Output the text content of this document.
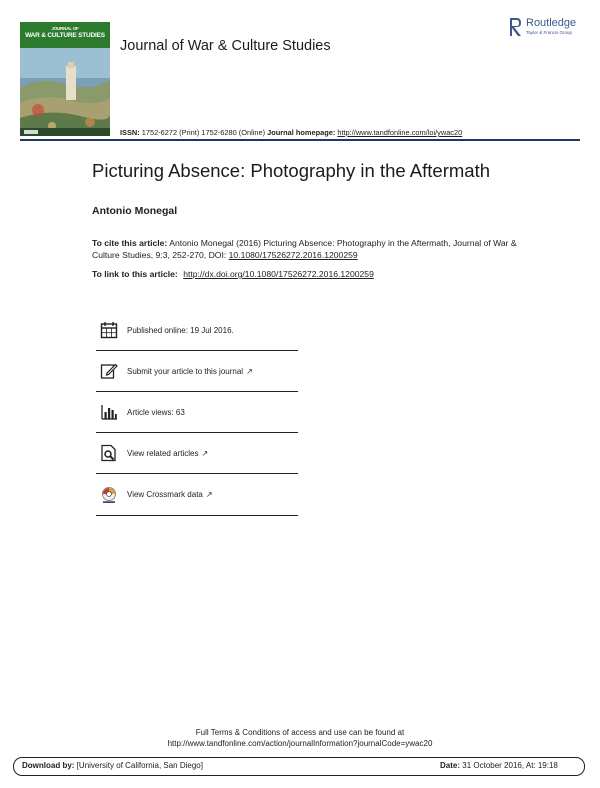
JOURNAL OF
WAR & CULTURE STUDIES
Journal of War & Culture Studies
Routledge
Taylor & Francis Group
ISSN: 1752-6272 (Print) 1752-6280 (Online) Journal homepage: http://www.tandfonline.com/loi/ywac20
Picturing Absence: Photography in the Aftermath
Antonio Monegal
To cite this article: Antonio Monegal (2016) Picturing Absence: Photography in the Aftermath, Journal of War & Culture Studies, 9:3, 252-270, DOI: 10.1080/17526272.2016.1200259
To link to this article: http://dx.doi.org/10.1080/17526272.2016.1200259
Published online: 19 Jul 2016.
Submit your article to this journal ↗
Article views: 63
View related articles ↗
View Crossmark data ↗
Full Terms & Conditions of access and use can be found at
http://www.tandfonline.com/action/journalInformation?journalCode=ywac20
Download by: [University of California, San Diego]	Date: 31 October 2016, At: 19:18
